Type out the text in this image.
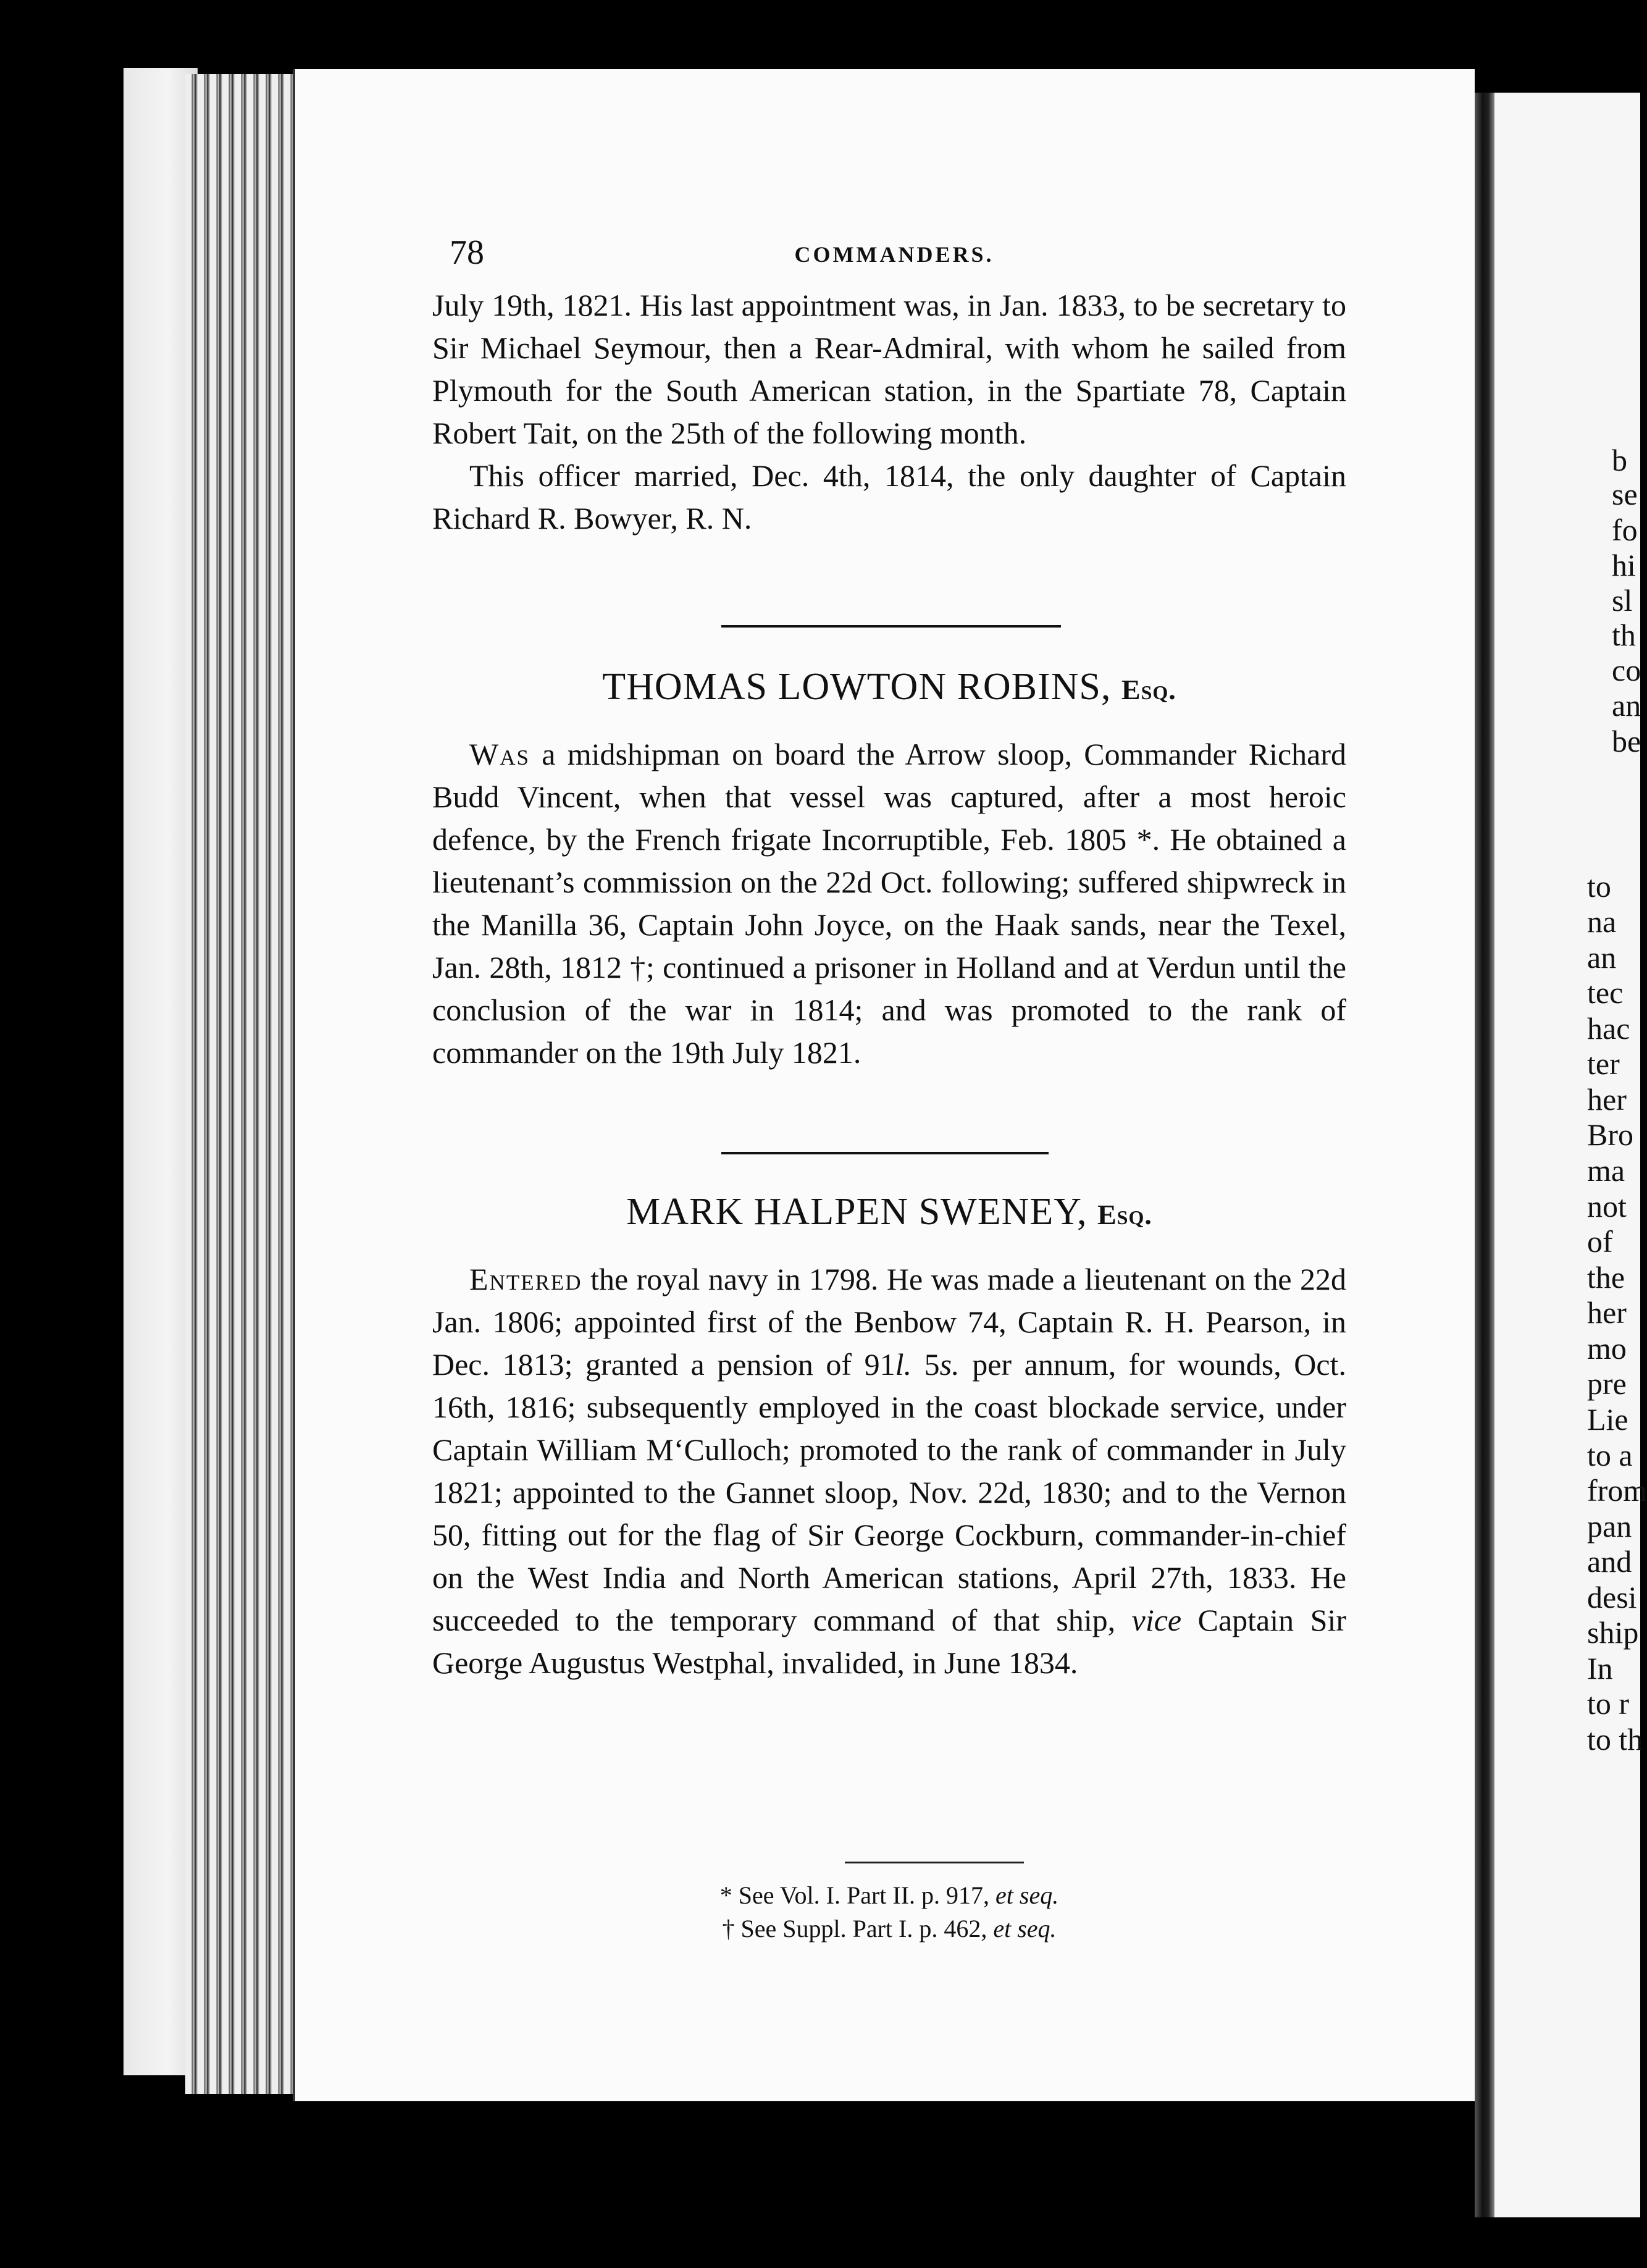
78	COMMANDERS.

July 19th, 1821. His last appointment was, in Jan. 1833, to be secretary to Sir Michael Seymour, then a Rear-Admiral, with whom he sailed from Plymouth for the South American station, in the Spartiate 78, Captain Robert Tait, on the 25th of the following month.

This officer married, Dec. 4th, 1814, the only daughter of Captain Richard R. Bowyer, R. N.

THOMAS LOWTON ROBINS, Esq.

Was a midshipman on board the Arrow sloop, Commander Richard Budd Vincent, when that vessel was captured, after a most heroic defence, by the French frigate Incorruptible, Feb. 1805 *. He obtained a lieutenant’s commission on the 22d Oct. following; suffered shipwreck in the Manilla 36, Captain John Joyce, on the Haak sands, near the Texel, Jan. 28th, 1812 †; continued a prisoner in Holland and at Verdun until the conclusion of the war in 1814; and was promoted to the rank of commander on the 19th July 1821.

MARK HALPEN SWENEY, Esq.

Entered the royal navy in 1798. He was made a lieutenant on the 22d Jan. 1806; appointed first of the Benbow 74, Captain R. H. Pearson, in Dec. 1813; granted a pension of 91l. 5s. per annum, for wounds, Oct. 16th, 1816; subsequently employed in the coast blockade service, under Captain William M‘Culloch; promoted to the rank of commander in July 1821; appointed to the Gannet sloop, Nov. 22d, 1830; and to the Vernon 50, fitting out for the flag of Sir George Cockburn, commander-in-chief on the West India and North American stations, April 27th, 1833. He succeeded to the temporary command of that ship, vice Captain Sir George Augustus Westphal, invalided, in June 1834.

* See Vol. I. Part II. p. 917, et seq.
† See Suppl. Part I. p. 462, et seq.
b
se
fo
hi
sl
th
co
an
be
to
na
an
tec
hac
ter
her
Bro
ma
not
of
the
her
mo
pre
Lie
to a
from
pan
and
desi
ship
In
to r
to th
